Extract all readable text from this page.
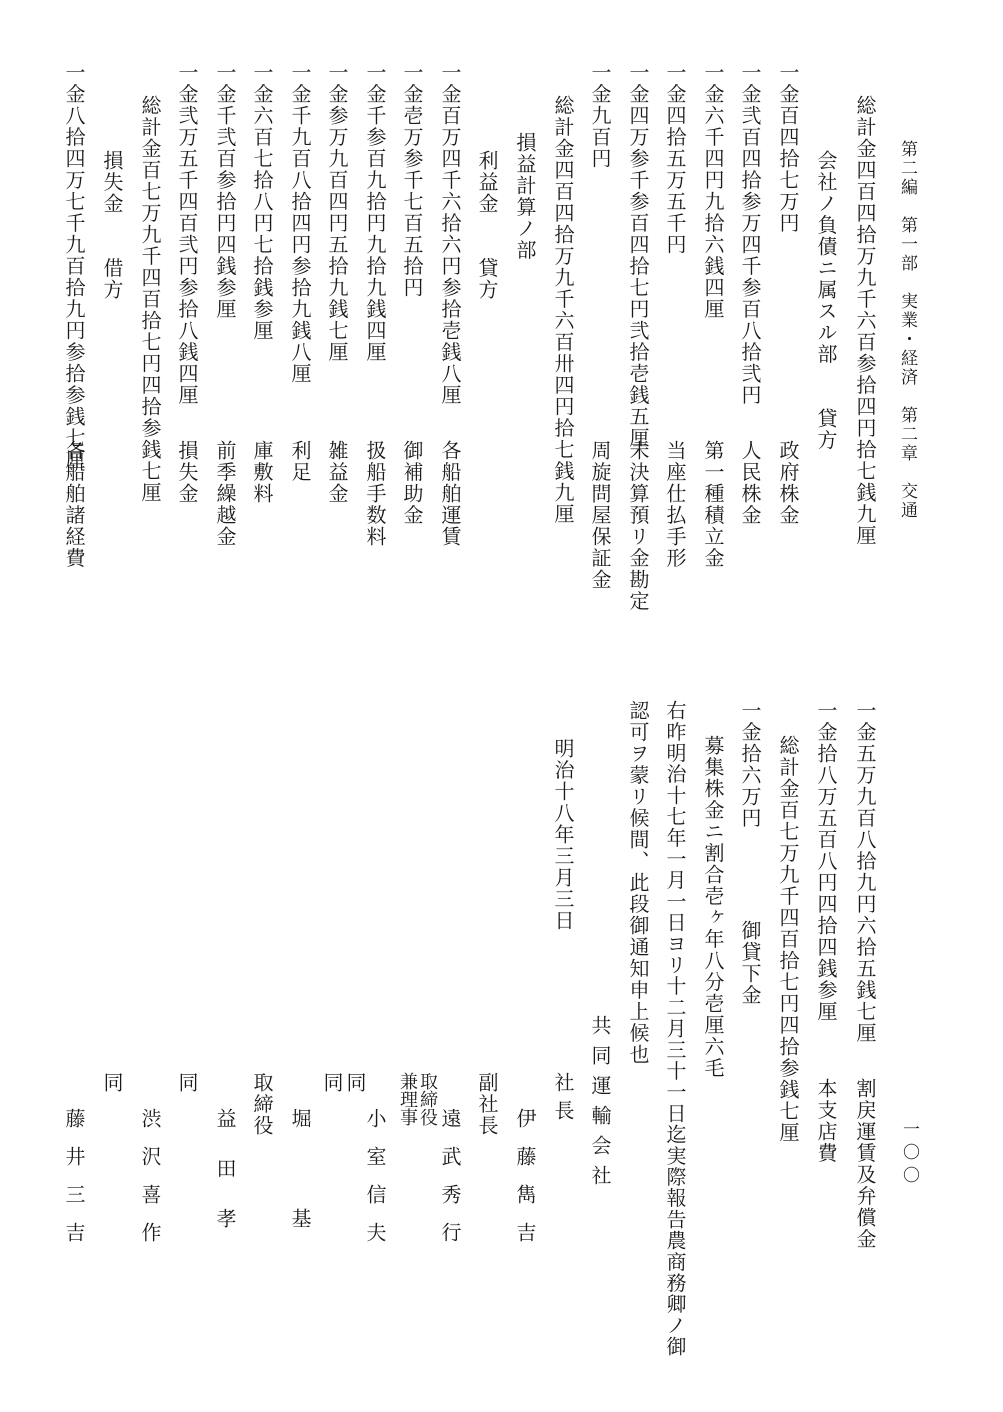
第二編　第一部　実業・経済　第二章　交通
一〇〇
総計金四百四拾万九千六百参拾四円拾七銭九厘
会社ノ負債ニ属スル部　　貸方
一金百四拾七万円
政府株金
一金弐百四拾参万四千参百八拾弐円
人民株金
一金六千四円九拾六銭四厘
第一種積立金
一金四拾五万五千円
当座仕払手形
一金四万参千参百四拾七円弐拾壱銭五厘
未決算預リ金勘定
一金九百円
周旋問屋保証金
総計金四百四拾万九千六百卅四円拾七銭九厘
損益計算ノ部
利益金　　貸方
一金百万四千六拾六円参拾壱銭八厘
各船舶運賃
一金壱万参千七百五拾円
御補助金
一金千参百九拾円九拾九銭四厘
扱船手数料
一金参万九百四円五拾九銭七厘
雑益金
一金千九百八拾四円参拾九銭八厘
利足
一金六百七拾八円七拾銭参厘
庫敷料
一金千弐百参拾円四銭参厘
前季繰越金
一金弐万五千四百弐円参拾八銭四厘
損失金
総計金百七万九千四百拾七円四拾参銭七厘
損失金　　借方
一金八拾四万七千九百拾九円参拾参銭七厘
各船舶諸経費
一金五万九百八拾九円六拾五銭七厘
割戻運賃及弁償金
一金拾八万五百八円四拾四銭参厘
本支店費
総計金百七万九千四百拾七円四拾参銭七厘
一金拾六万円
御貸下金
募集株金ニ割合壱ヶ年八分壱厘六毛
右昨明治十七年一月一日ヨリ十二月三十一日迄実際報告農商務卿ノ御
認可ヲ蒙リ候間、此段御通知申上候也
明治十八年三月三日
共同運輸会社
社長
伊藤雋吉
副社長
遠武秀行
取締役兼理事
小室信夫
同
同
堀基
取締役
益田孝
同
渋沢喜作
同
藤井三吉
